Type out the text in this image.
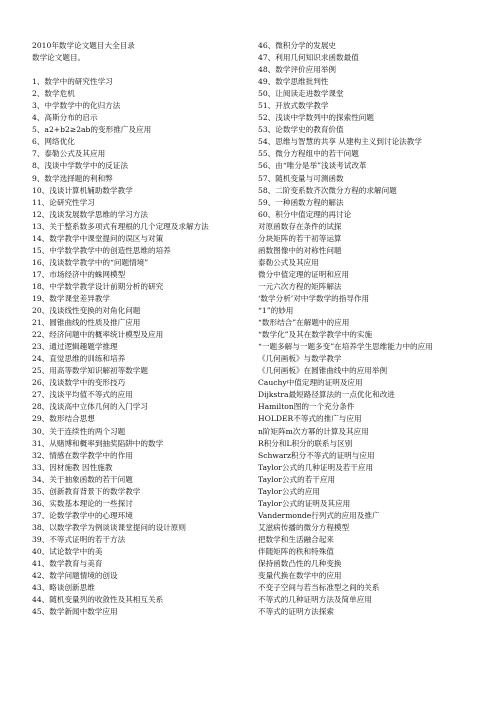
2010年数学论文题目大全目录
数学论文题目。
1、数学中的研究性学习
2、数学危机
3、中学数学中的化归方法
4、高斯分布的启示
5、a2+b2≥2ab的变形推广及应用
6、网络优化
7、泰勒公式及其应用
8、浅谈中学数学中的反证法
9、数学选择题的利和弊
10、浅谈计算机辅助数学教学
11、论研究性学习
12、浅谈发展数学思维的学习方法
13、关于整系数多项式有理根的几个定理及求解方法
14、数学教学中课堂提问的误区与对策
15、中学数学教学中的创造性思维的培养
16、浅谈数学教学中的“问题情境”
17、市场经济中的蛛网模型
18、中学数学教学设计前期分析的研究
19、数学课堂差异教学
20、浅谈线性变换的对角化问题
21、圆锥曲线的性质及推广应用
22、经济问题中的概率统计模型及应用
23、通过逻辑趣题学推理
24、直觉思维的训练和培养
25、用高等数学知识解初等数学题
26、浅谈数学中的变形技巧
27、浅谈平均值不等式的应用
28、浅谈高中立体几何的入门学习
29、数形结合思想
30、关于连续性的两个习题
31、从赌博和概率到抽奖陷阱中的数学
32、情感在数学教学中的作用
33、因材施教 因性施教
34、关于抽象函数的若干问题
35、创新教育背景下的数学教学
36、实数基本理论的一些探讨
37、论数学教学中的心理环境
38、以数学教学为例谈谈课堂提问的设计原则
39、不等式证明的若干方法
40、试论数学中的美
41、数学教育与美育
42、数学问题情境的创设
43、略谈创新思维
44、随机变量列的收敛性及其相互关系
45、数学新闻中数学应用
46、微积分学的发展史
47、利用几何知识求函数最值
48、数学评价应用举例
49、数学思维批判性
50、让阅读走进数学课堂
51、开放式数学教学
52、浅谈中学数列中的探索性问题
53、论数学史的教育价值
54、思维与智慧的共享 从建构主义到讨论法教学
55、微分方程组中的若干问题
56、由“唯分是举”浅谈考试改革
57、随机变量与可测函数
58、二阶变系数齐次微分方程的求解问题
59、一种函数方程的解法
60、积分中值定理的再讨论
对原函数存在条件的试探
分块矩阵的若干初等运算
函数图像中的对称性问题
泰勒公式及其应用
微分中值定理的证明和应用
一元六次方程的矩阵解法
‘数学分析’对中学数学的指导作用
“1”的妙用
“数形结合”在解题中的应用
“数学化”及其在数学教学中的实施
“一题多解与一题多变”在培养学生思维能力中的应用
《几何画板》与数学教学
《几何画板》在圆锥曲线中的应用举例
Cauchy中值定理的证明及应用
Dijkstra最短路径算法的一点优化和改进
Hamilton图的一个充分条件
HOLDER不等式的推广与应用
n阶矩阵m次方幂的计算及其应用
R积分和L积分的联系与区别
Schwarz积分不等式的证明与应用
Taylor公式的几种证明及若干应用
Taylor公式的若干应用
Taylor公式的应用
Taylor公式的证明及其应用
Vandermonde行列式的应用及推广
艾滋病传播的微分方程模型
把数学和生活融合起来
伴随矩阵的秩和特殊值
保持函数凸性的几种变换
变量代换在数学中的应用
不变子空间与若当标准型之间的关系
不等式的几种证明方法及简单应用
不等式的证明方法探索
